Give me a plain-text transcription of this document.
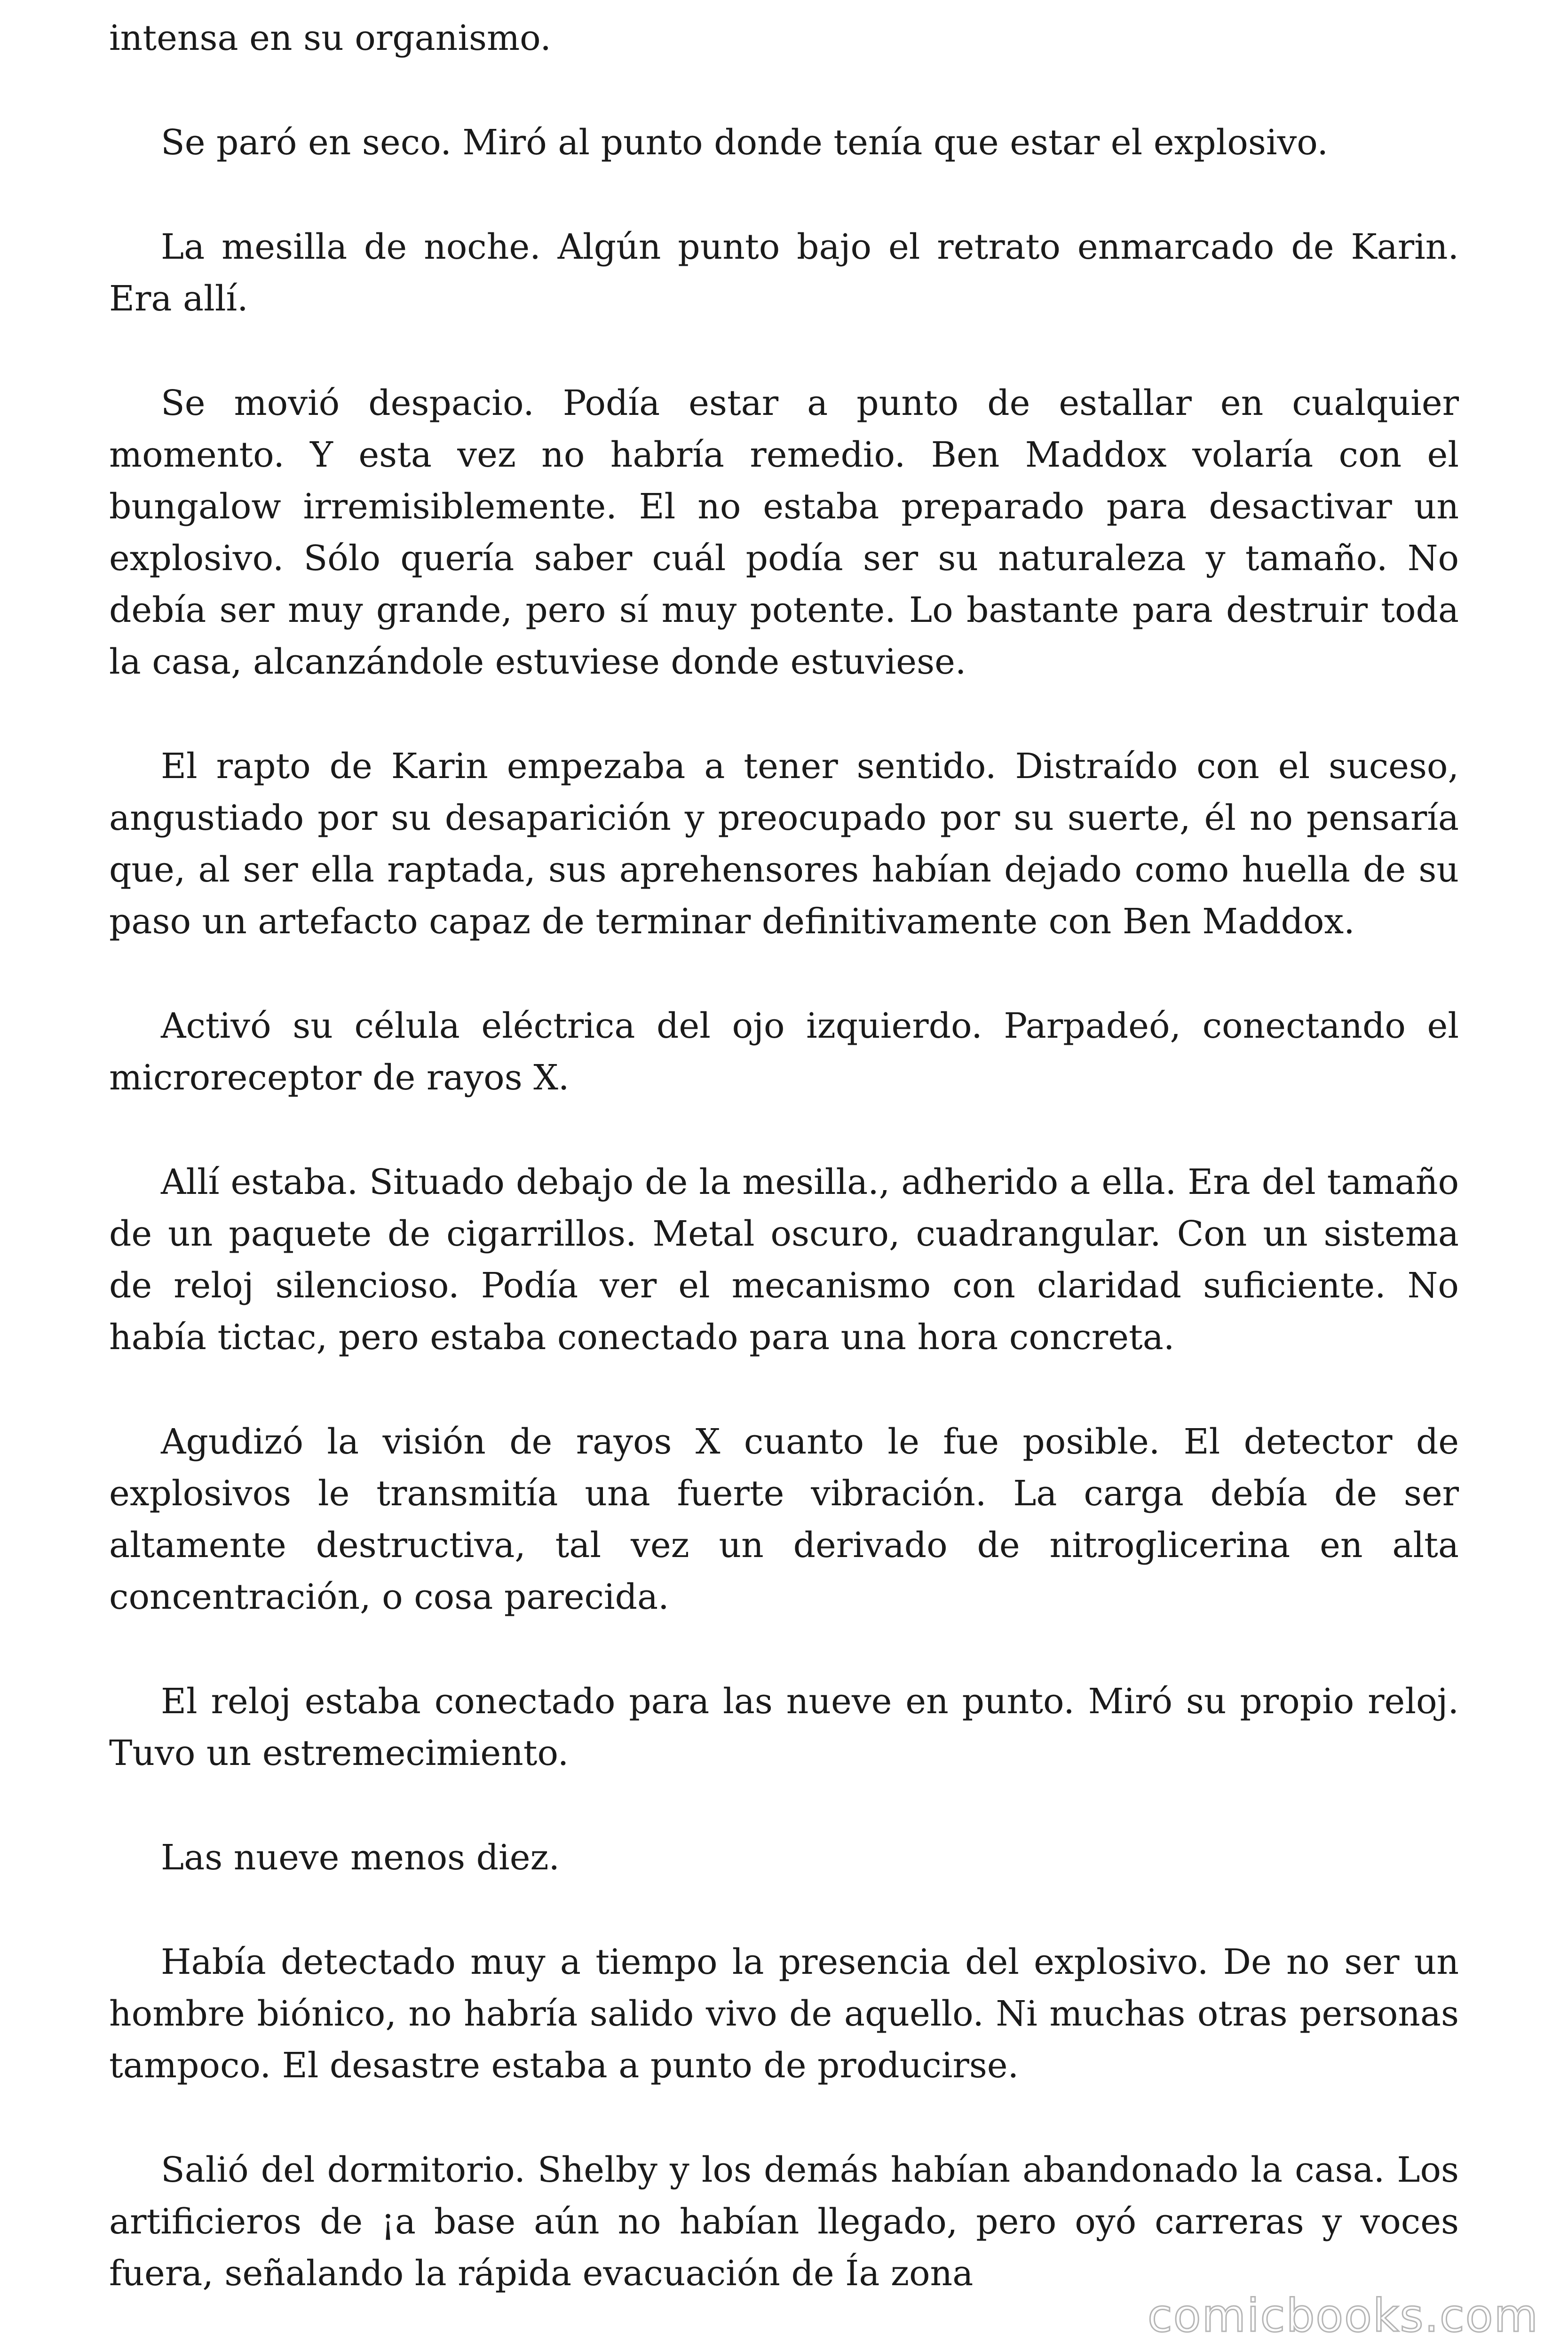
intensa en su organismo.

Se paró en seco. Miró al punto donde tenía que estar el explosivo.

La mesilla de noche. Algún punto bajo el retrato enmarcado de Karin. Era allí.

Se movió despacio. Podía estar a punto de estallar en cualquier momento. Y esta vez no habría remedio. Ben Maddox volaría con el bungalow irremisiblemente. El no estaba preparado para desactivar un explosivo. Sólo quería saber cuál podía ser su naturaleza y tamaño. No debía ser muy grande, pero sí muy potente. Lo bastante para destruir toda la casa, alcanzándole estuviese donde estuviese.

El rapto de Karin empezaba a tener sentido. Distraído con el suceso, angustiado por su desaparición y preocupado por su suerte, él no pensaría que, al ser ella raptada, sus aprehensores habían dejado como huella de su paso un artefacto capaz de terminar definitivamente con Ben Maddox.

Activó su célula eléctrica del ojo izquierdo. Parpadeó, conectando el microreceptor de rayos X.

Allí estaba. Situado debajo de la mesilla., adherido a ella. Era del tamaño de un paquete de cigarrillos. Metal oscuro, cuadrangular. Con un sistema de reloj silencioso. Podía ver el mecanismo con claridad suficiente. No había tictac, pero estaba conectado para una hora concreta.

Agudizó la visión de rayos X cuanto le fue posible. El detector de explosivos le transmitía una fuerte vibración. La carga debía de ser altamente destructiva, tal vez un derivado de nitroglicerina en alta concentración, o cosa parecida.

El reloj estaba conectado para las nueve en punto. Miró su propio reloj. Tuvo un estremecimiento.

Las nueve menos diez.

Había detectado muy a tiempo la presencia del explosivo. De no ser un hombre biónico, no habría salido vivo de aquello. Ni muchas otras personas tampoco. El desastre estaba a punto de producirse.

Salió del dormitorio. Shelby y los demás habían abandonado la casa. Los artificieros de ¡a base aún no habían llegado, pero oyó carreras y voces fuera, señalando la rápida evacuación de Ía zona

comicbooks.com
